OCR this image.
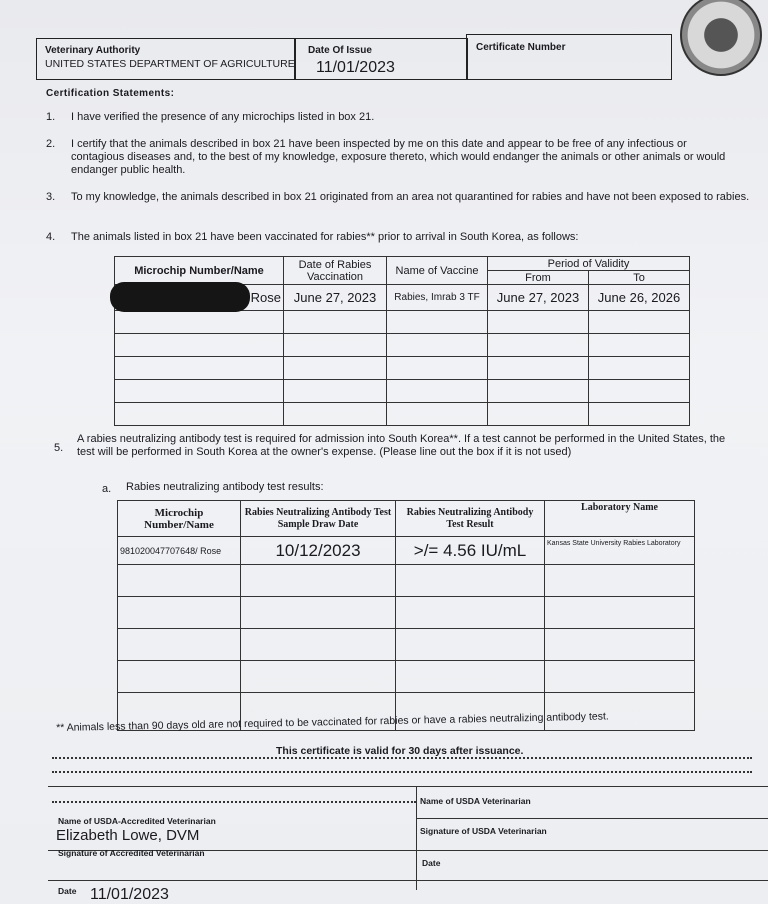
Veterinary Authority
UNITED STATES DEPARTMENT OF AGRICULTURE
Date Of Issue
11/01/2023
Certificate Number
Certification Statements:
1. I have verified the presence of any microchips listed in box 21.
2. I certify that the animals described in box 21 have been inspected by me on this date and appear to be free of any infectious or contagious diseases and, to the best of my knowledge, exposure thereto, which would endanger the animals or other animals or would endanger public health.
3. To my knowledge, the animals described in box 21 originated from an area not quarantined for rabies and have not been exposed to rabies.
4. The animals listed in box 21 have been vaccinated for rabies** prior to arrival in South Korea, as follows:
Microchip Number/Name	Date of Rabies Vaccination	Name of Vaccine	Period of Validity	
			From	To
Rose	June 27, 2023	Rabies, Imrab 3 TF	June 27, 2023	June 26, 2026

5.
A rabies neutralizing antibody test is required for admission into South Korea**. If a test cannot be performed in the United States, the test will be performed in South Korea at the owner's expense. (Please line out the box if it is not used)
a. Rabies neutralizing antibody test results:
Microchip Number/Name	Rabies Neutralizing Antibody Test Sample Draw Date	Rabies Neutralizing Antibody Test Result	Laboratory Name
981020047707648/ Rose	10/12/2023	>/= 4.56 IU/mL	Kansas State University Rabies Laboratory

** Animals less than 90 days old are not required to be vaccinated for rabies or have a rabies neutralizing antibody test.
This certificate is valid for 30 days after issuance.
Name of USDA Veterinarian
Name of USDA-Accredited Veterinarian
Elizabeth Lowe, DVM	Signature of USDA Veterinarian
Signature of Accredited Veterinarian
Date
Date 11/01/2023
